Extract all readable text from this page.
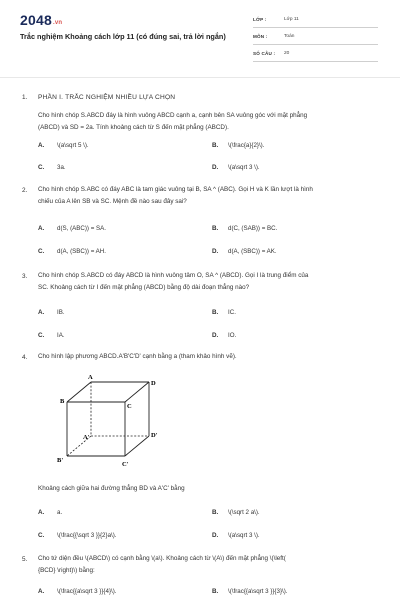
2048.vn
Trắc nghiệm Khoảng cách lớp 11 (có đúng sai, trả lời ngắn)
LỚP :	Lớp 11
MÔN :	Toán
SỐ CÂU : 20
1. PHẦN I. TRẮC NGHIỆM NHIỀU LỰA CHỌN
Cho hình chóp S.ABCD đáy là hình vuông ABCD cạnh a, cạnh bên SA vuông góc với mặt phẳng
(ABCD) và SD = 2a. Tính khoảng cách từ S đến mặt phẳng (ABCD).
A. \(a\sqrt 5 \).	B. \(\frac{a}{2}\).
C. 3a.	D. \(a\sqrt 3 \).
2. Cho hình chóp S.ABC có đáy ABC là tam giác vuông tại B, SA ^ (ABC). Gọi H và K lần lượt là hình
chiếu của A lên SB và SC. Mệnh đề nào sau đây sai?
A. d(S, (ABC)) = SA.	B. d(C, (SAB)) = BC.
C. d(A, (SBC)) = AH.	D. d(A, (SBC)) = AK.
3. Cho hình chóp S.ABCD có đáy ABCD là hình vuông tâm O, SA ^ (ABCD). Gọi I là trung điểm của
SC. Khoảng cách từ I đến mặt phẳng (ABCD) bằng độ dài đoạn thẳng nào?
A. IB.	B. IC.
C. IA.	D. IO.
4. Cho hình lập phương ABCD.A'B'C'D' cạnh bằng a (tham khảo hình vẽ).
A
B
C
D
A'
B'
C'
D'
Khoảng cách giữa hai đường thẳng BD và A'C' bằng
A. a.	B. \(\sqrt 2 a\).
C. \(\frac{{\sqrt 3 }}{2}a\).	D. \(a\sqrt 3 \).
5. Cho tứ diện đều \(ABCD\) có cạnh bằng \(a\). Khoảng cách từ \(A\) đến mặt phẳng \(\left(
{BCD} \right)\) bằng:
A. \(\frac{{a\sqrt 3 }}{4}\).	B. \(\frac{{a\sqrt 3 }}{3}\).
